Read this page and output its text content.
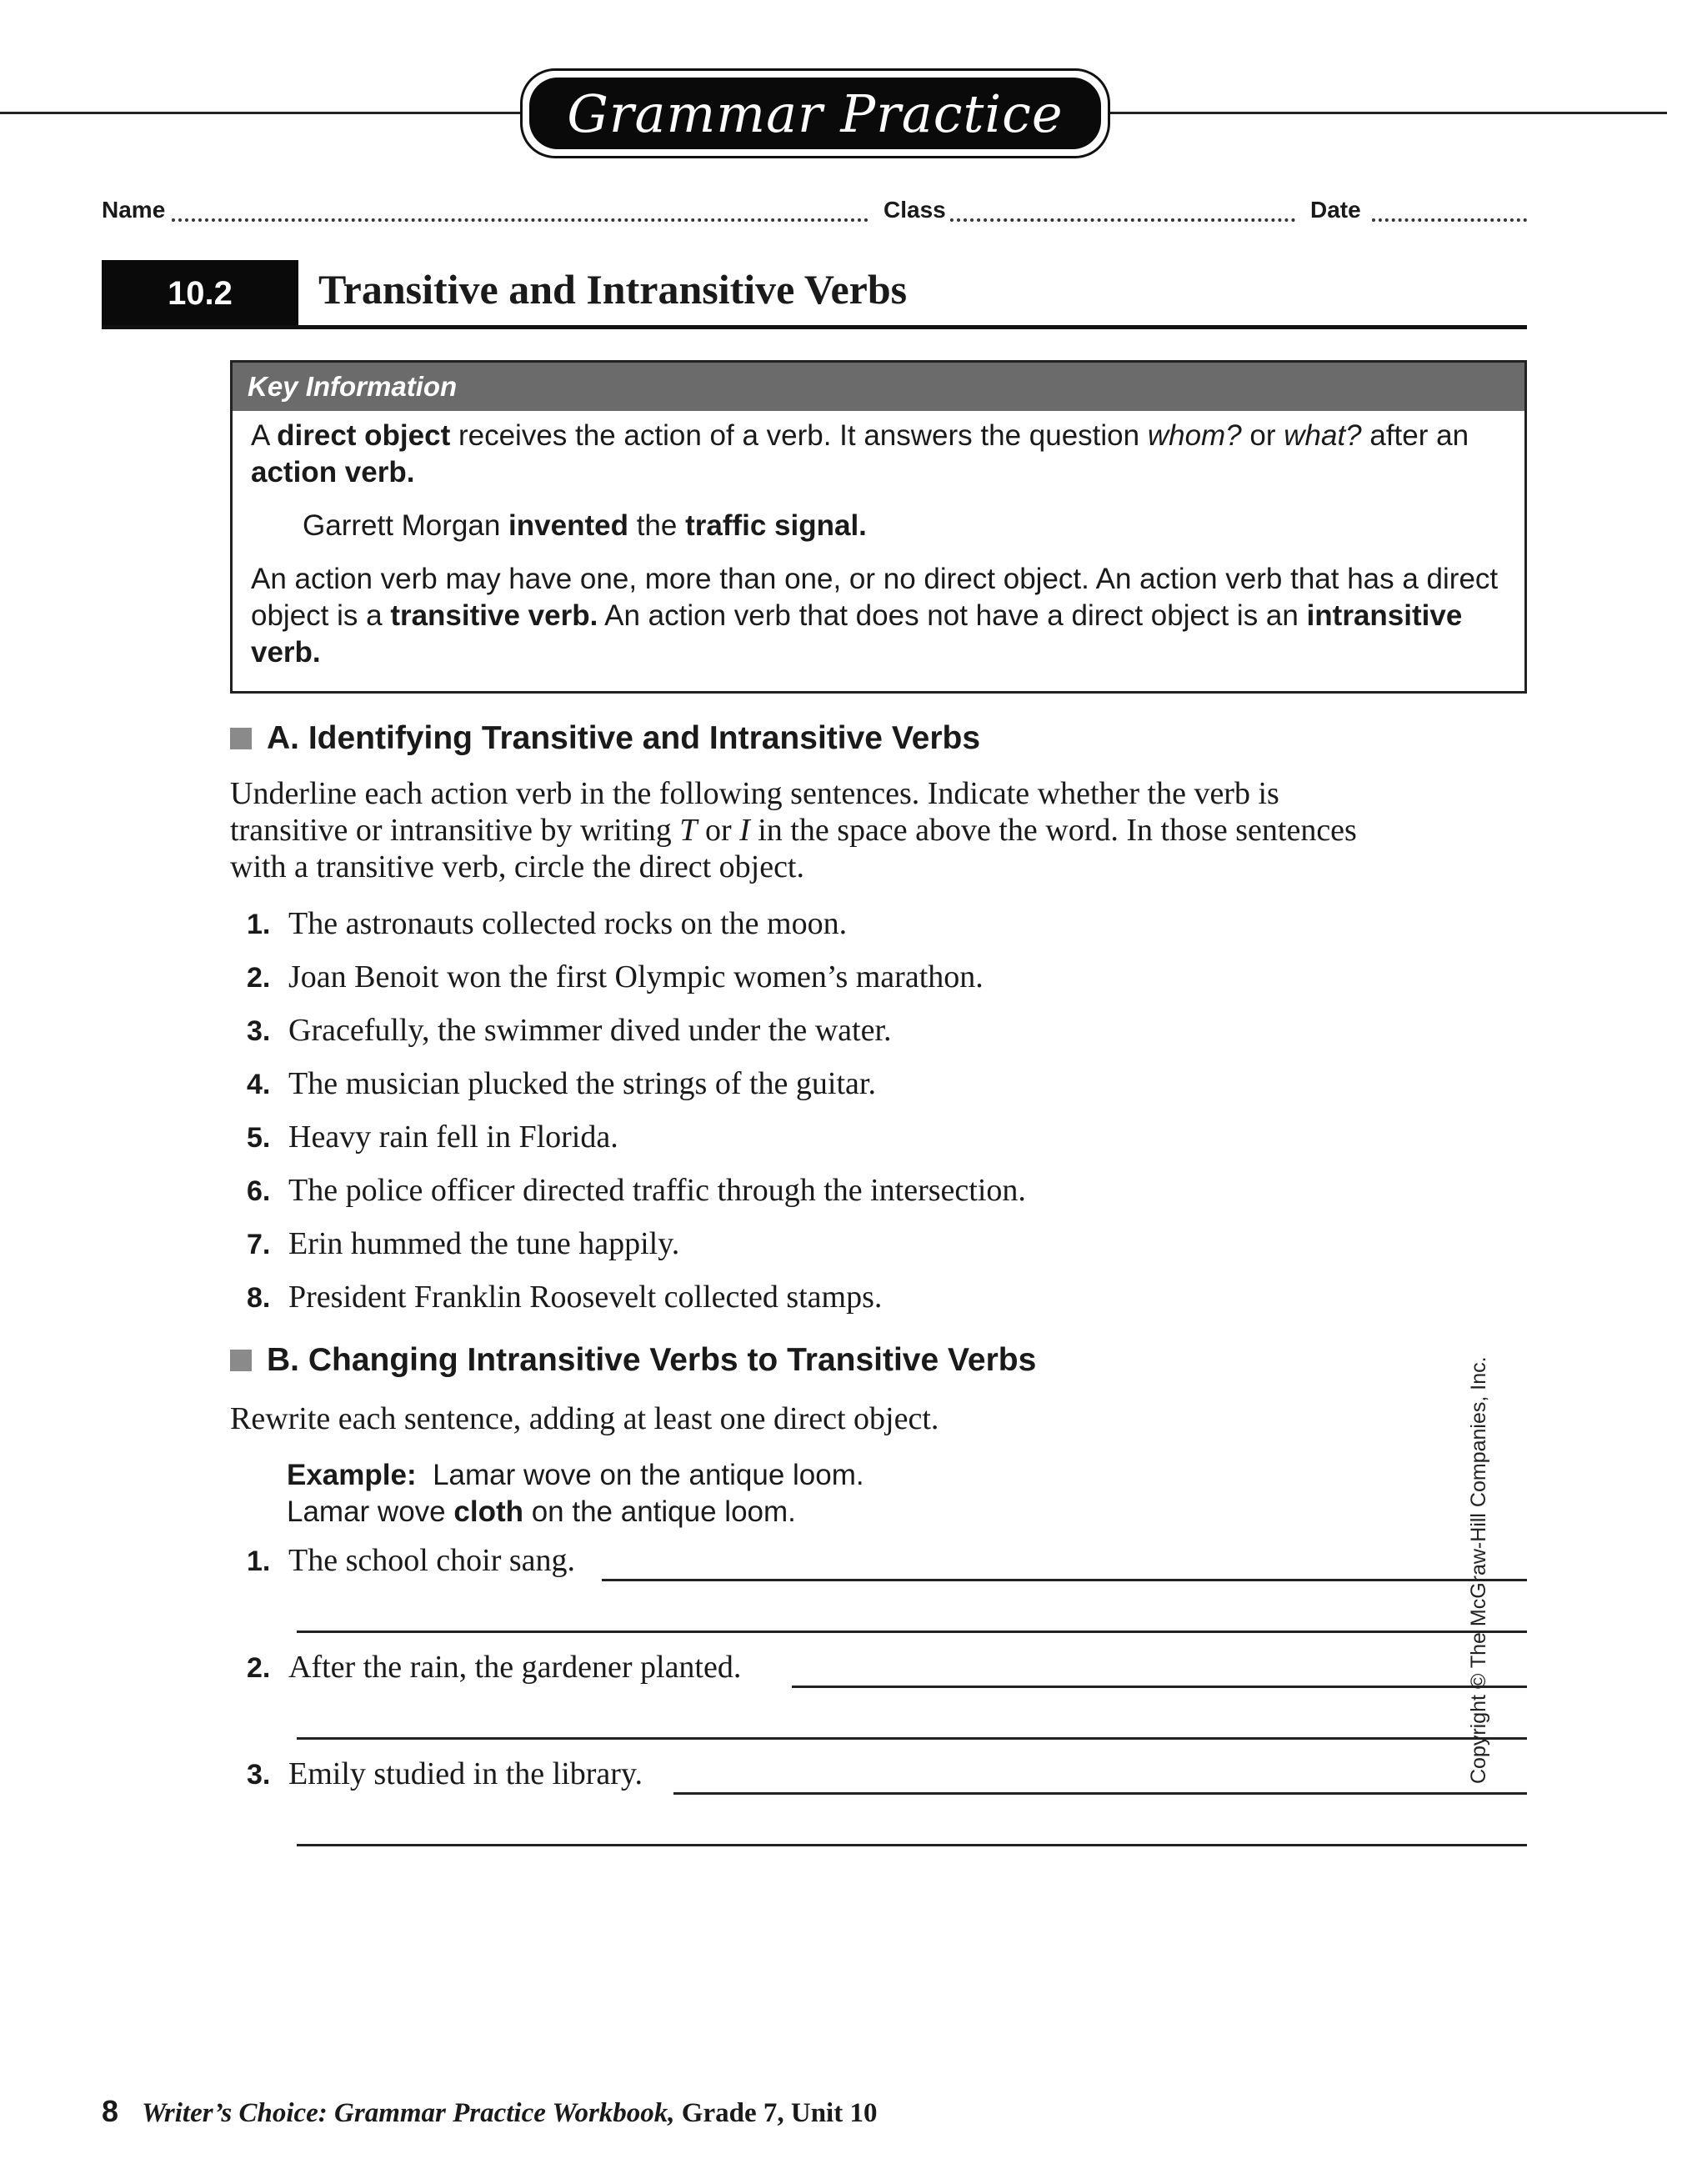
Grammar Practice
Name	Class	Date
10.2 Transitive and Intransitive Verbs
Key Information

A direct object receives the action of a verb. It answers the question whom? or what? after an action verb.

Garrett Morgan invented the traffic signal.

An action verb may have one, more than one, or no direct object. An action verb that has a direct object is a transitive verb. An action verb that does not have a direct object is an intransitive verb.

A. Identifying Transitive and Intransitive Verbs
Underline each action verb in the following sentences. Indicate whether the verb is transitive or intransitive by writing T or I in the space above the word. In those sentences with a transitive verb, circle the direct object.
1. The astronauts collected rocks on the moon.
2. Joan Benoit won the first Olympic women’s marathon.
3. Gracefully, the swimmer dived under the water.
4. The musician plucked the strings of the guitar.
5. Heavy rain fell in Florida.
6. The police officer directed traffic through the intersection.
7. Erin hummed the tune happily.
8. President Franklin Roosevelt collected stamps.
B. Changing Intransitive Verbs to Transitive Verbs
Rewrite each sentence, adding at least one direct object.
Example: Lamar wove on the antique loom.
Lamar wove cloth on the antique loom.
1. The school choir sang.
2. After the rain, the gardener planted.
3. Emily studied in the library.	Copyright © The McGraw-Hill Companies, Inc.
8 Writer’s Choice: Grammar Practice Workbook, Grade 7, Unit 10
